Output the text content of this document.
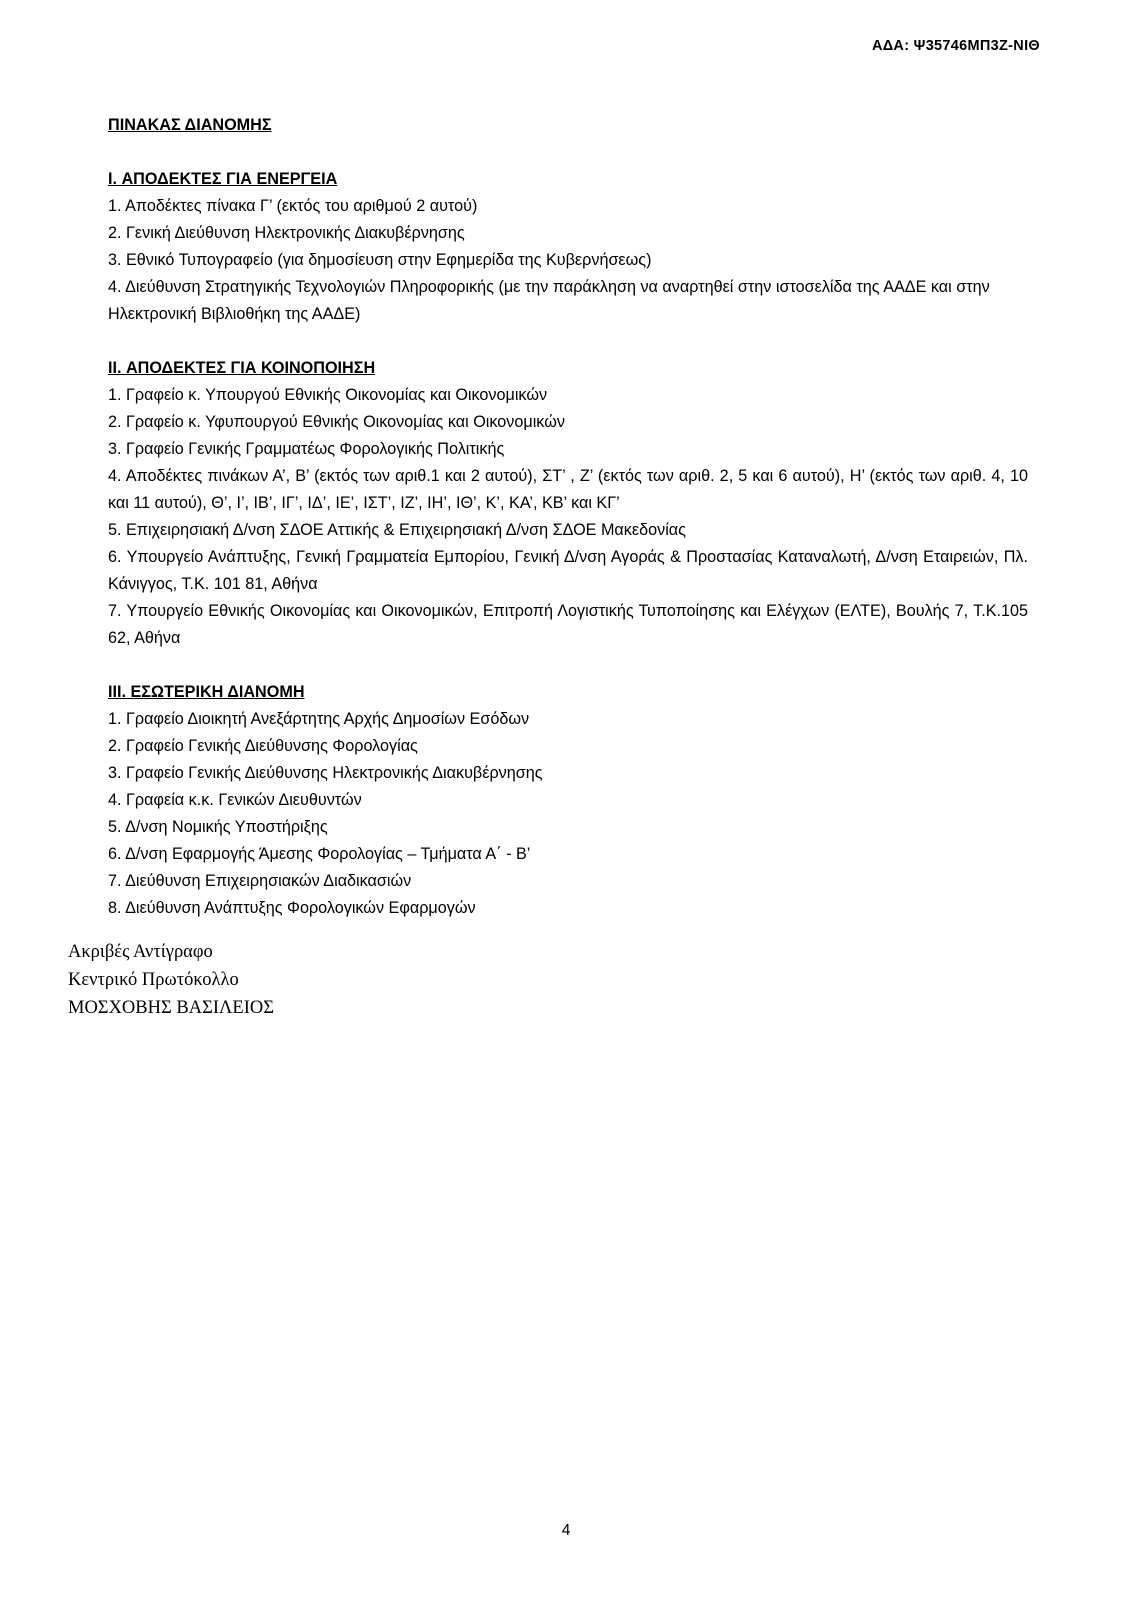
ΑΔΑ: Ψ35746ΜΠ3Ζ-ΝΙΘ
ΠΙΝΑΚΑΣ ΔΙΑΝΟΜΗΣ
I. ΑΠΟΔΕΚΤΕΣ ΓΙΑ ΕΝΕΡΓΕΙΑ
1. Αποδέκτες πίνακα Γ’ (εκτός του αριθμού 2 αυτού)
2. Γενική Διεύθυνση Ηλεκτρονικής Διακυβέρνησης
3. Εθνικό Τυπογραφείο (για δημοσίευση στην Εφημερίδα της Κυβερνήσεως)
4. Διεύθυνση Στρατηγικής Τεχνολογιών Πληροφορικής (με την παράκληση να αναρτηθεί στην ιστοσελίδα της ΑΑΔΕ και στην Ηλεκτρονική Βιβλιοθήκη της ΑΑΔΕ)
II. ΑΠΟΔΕΚΤΕΣ ΓΙΑ ΚΟΙΝΟΠΟΙΗΣΗ
1. Γραφείο κ. Υπουργού Εθνικής Οικονομίας και Οικονομικών
2. Γραφείο κ. Υφυπουργού Εθνικής Οικονομίας και Οικονομικών
3. Γραφείο Γενικής Γραμματέως Φορολογικής Πολιτικής
4. Αποδέκτες πινάκων Α’, Β’ (εκτός των αριθ.1 και 2 αυτού), ΣΤ’ , Ζ’ (εκτός των αριθ. 2, 5 και 6 αυτού), Η’ (εκτός των αριθ. 4, 10 και 11 αυτού), Θ’, Ι’, ΙΒ’, ΙΓ’, ΙΔ’, ΙΕ’, ΙΣΤ’, ΙΖ’, ΙΗ’, ΙΘ’, Κ’, ΚΑ’, ΚΒ’ και ΚΓ’
5. Επιχειρησιακή Δ/νση ΣΔΟΕ Αττικής & Επιχειρησιακή Δ/νση ΣΔΟΕ Μακεδονίας
6. Υπουργείο Ανάπτυξης, Γενική Γραμματεία Εμπορίου, Γενική Δ/νση Αγοράς & Προστασίας Καταναλωτή, Δ/νση Εταιρειών, Πλ. Κάνιγγος, Τ.Κ. 101 81, Αθήνα
7. Υπουργείο Εθνικής Οικονομίας και Οικονομικών, Επιτροπή Λογιστικής Τυποποίησης και Ελέγχων (ΕΛΤΕ), Βουλής 7, Τ.Κ.105 62, Αθήνα
III. ΕΣΩΤΕΡΙΚΗ ΔΙΑΝΟΜΗ
1. Γραφείο Διοικητή Ανεξάρτητης Αρχής Δημοσίων Εσόδων
2. Γραφείο Γενικής Διεύθυνσης Φορολογίας
3. Γραφείο Γενικής Διεύθυνσης Ηλεκτρονικής Διακυβέρνησης
4. Γραφεία κ.κ. Γενικών Διευθυντών
5. Δ/νση Νομικής Υποστήριξης
6. Δ/νση Εφαρμογής Άμεσης Φορολογίας – Τμήματα Α΄ - Β’
7. Διεύθυνση Επιχειρησιακών Διαδικασιών
8. Διεύθυνση Ανάπτυξης Φορολογικών Εφαρμογών
Ακριβές Αντίγραφο
Κεντρικό Πρωτόκολλο
ΜΟΣΧΟΒΗΣ ΒΑΣΙΛΕΙΟΣ
4
